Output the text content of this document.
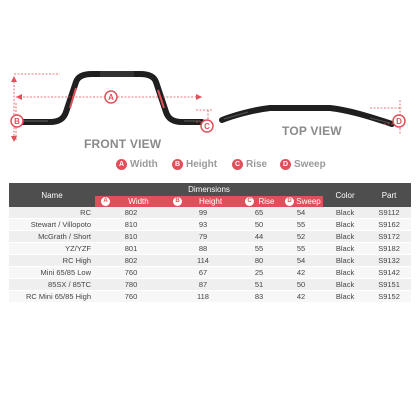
A
B
C
D
FRONT VIEW
TOP VIEW
A Width	B Height	C Rise	D Sweep
Name	Dimensions				Color	Part

	A Width	B Height	C Rise	D Sweep		

RC	802	99	65	54	Black	S9112
Stewart / Villopoto	810	93	50	55	Black	S9162
McGrath / Short	810	79	44	52	Black	S9172
YZ/YZF	801	88	55	55	Black	S9182
RC High	802	114	80	54	Black	S9132
Mini 65/85 Low	760	67	25	42	Black	S9142
85SX / 85TC	780	87	51	50	Black	S9151
RC Mini 65/85 High	760	118	83	42	Black	S9152
